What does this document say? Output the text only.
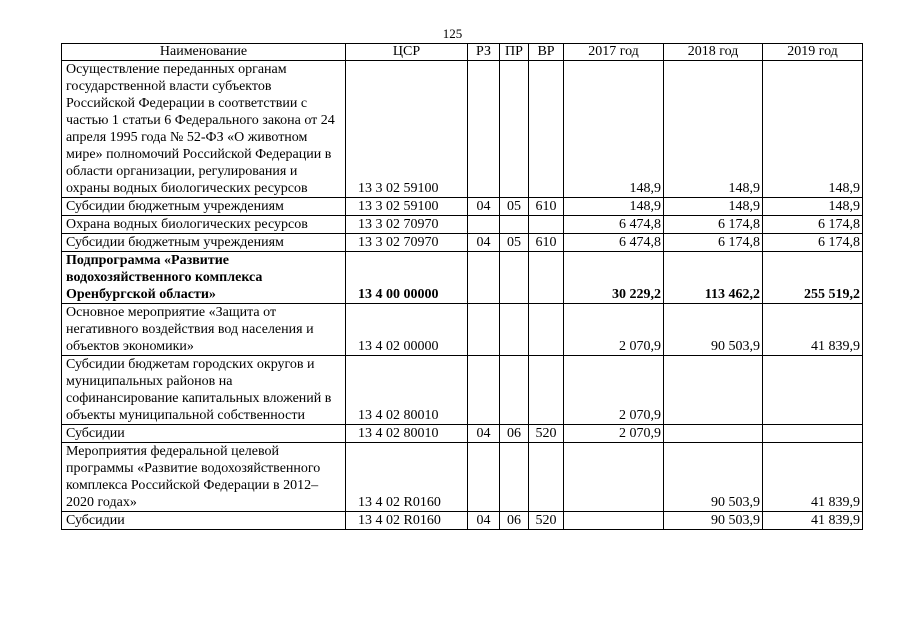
125
Наименование	ЦСР	РЗ	ПР	ВР	2017 год	2018 год	2019 год
Осуществление переданных органам государственной власти субъектов Российской Федерации в соответствии с частью 1 статьи 6 Федерального закона от 24 апреля 1995 года № 52-ФЗ «О животном мире» полномочий Российской Федерации в области организации, регулирования и охраны водных биологических ресурсов	13 3 02 59100				148,9	148,9	148,9
Субсидии бюджетным учреждениям	13 3 02 59100	04	05	610	148,9	148,9	148,9
Охрана водных биологических ресурсов	13 3 02 70970				6 474,8	6 174,8	6 174,8
Субсидии бюджетным учреждениям	13 3 02 70970	04	05	610	6 474,8	6 174,8	6 174,8
Подпрограмма «Развитие водохозяйственного комплекса Оренбургской области»	13 4 00 00000				30 229,2	113 462,2	255 519,2
Основное мероприятие «Защита от негативного воздействия вод населения и объектов экономики»	13 4 02 00000				2 070,9	90 503,9	41 839,9
Субсидии бюджетам городских округов и муниципальных районов на софинансирование капитальных вложений в объекты муниципальной собственности	13 4 02 80010				2 070,9		
Субсидии	13 4 02 80010	04	06	520	2 070,9		
Мероприятия федеральной целевой программы «Развитие водохозяйственного комплекса Российской Федерации в 2012–2020 годах»	13 4 02 R0160					90 503,9	41 839,9
Субсидии	13 4 02 R0160	04	06	520		90 503,9	41 839,9
